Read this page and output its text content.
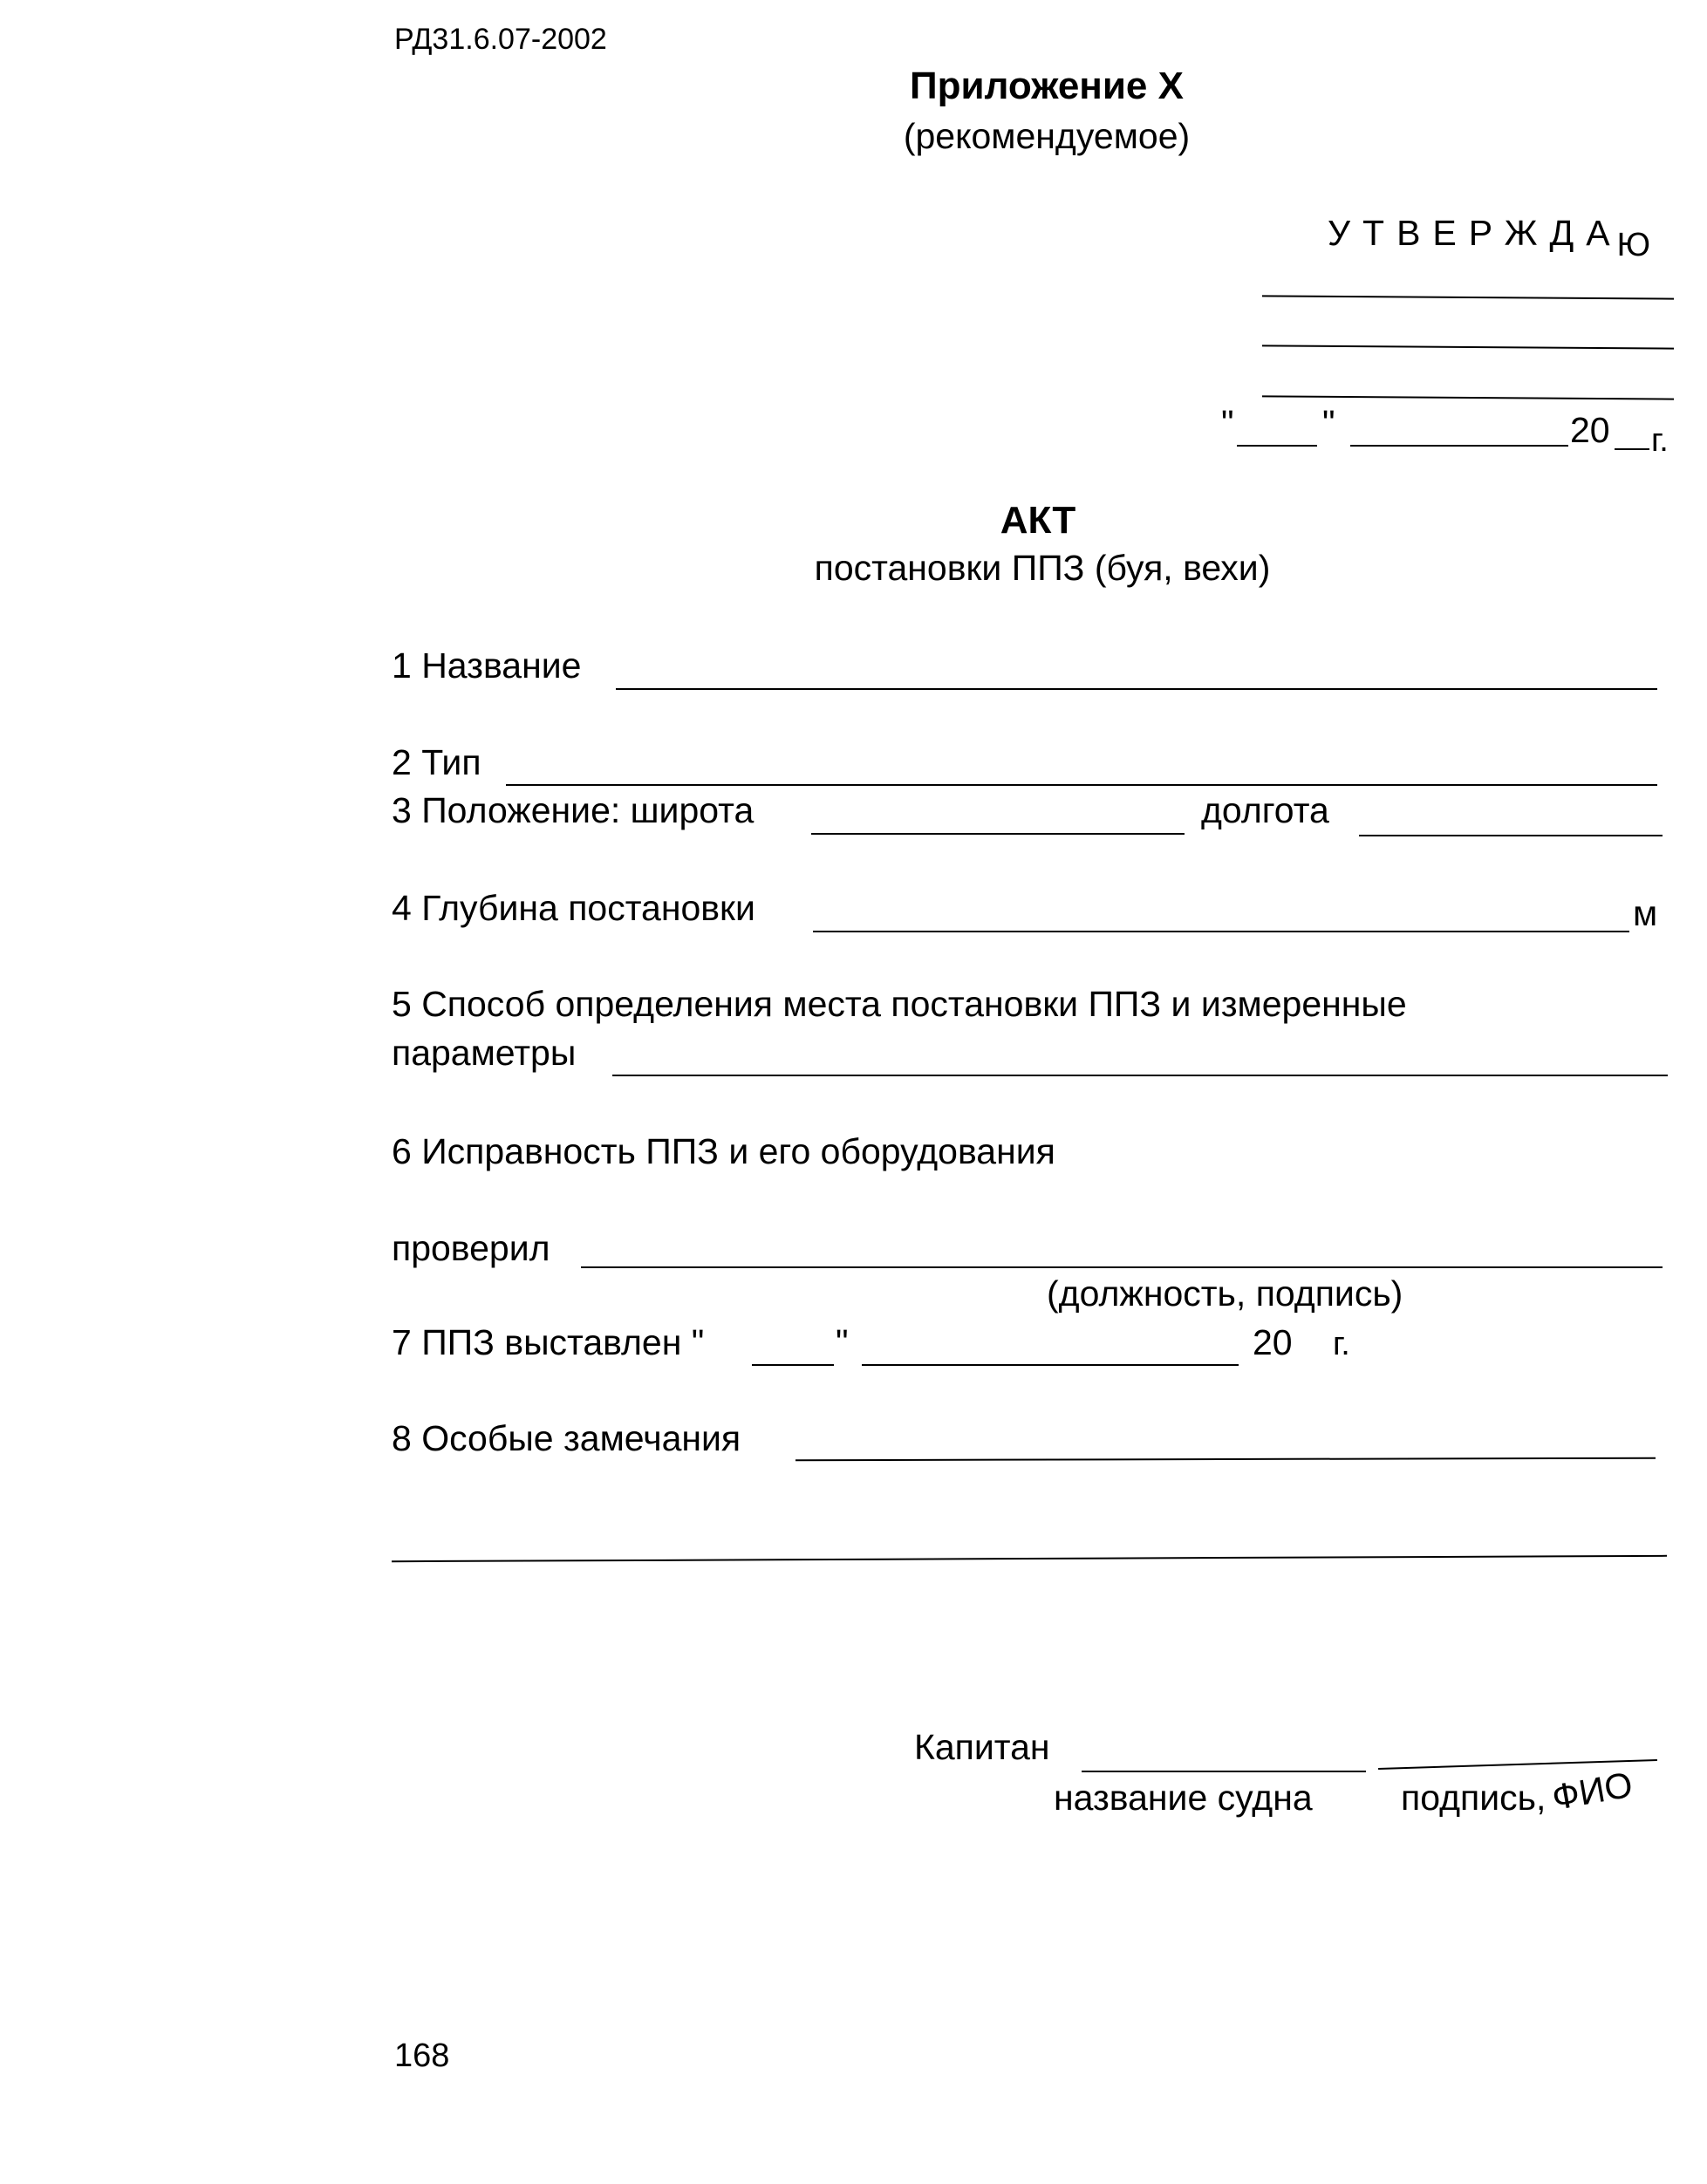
РД31.6.07-2002
Приложение Х
(рекомендуемое)
УТВЕРЖДАЮ
" "	20 г.
АКТ
постановки ППЗ (буя, вехи)
1 Название
2 Тип
3 Положение: широта	долгота
4 Глубина постановки	м
5 Способ определения места постановки ППЗ и измеренные
параметры
6 Исправность ППЗ и его оборудования
проверил
(должность, подпись)
7 ППЗ выставлен "	"	20 г.
8 Особые замечания
Капитан
название судна подпись, ФИО
168
